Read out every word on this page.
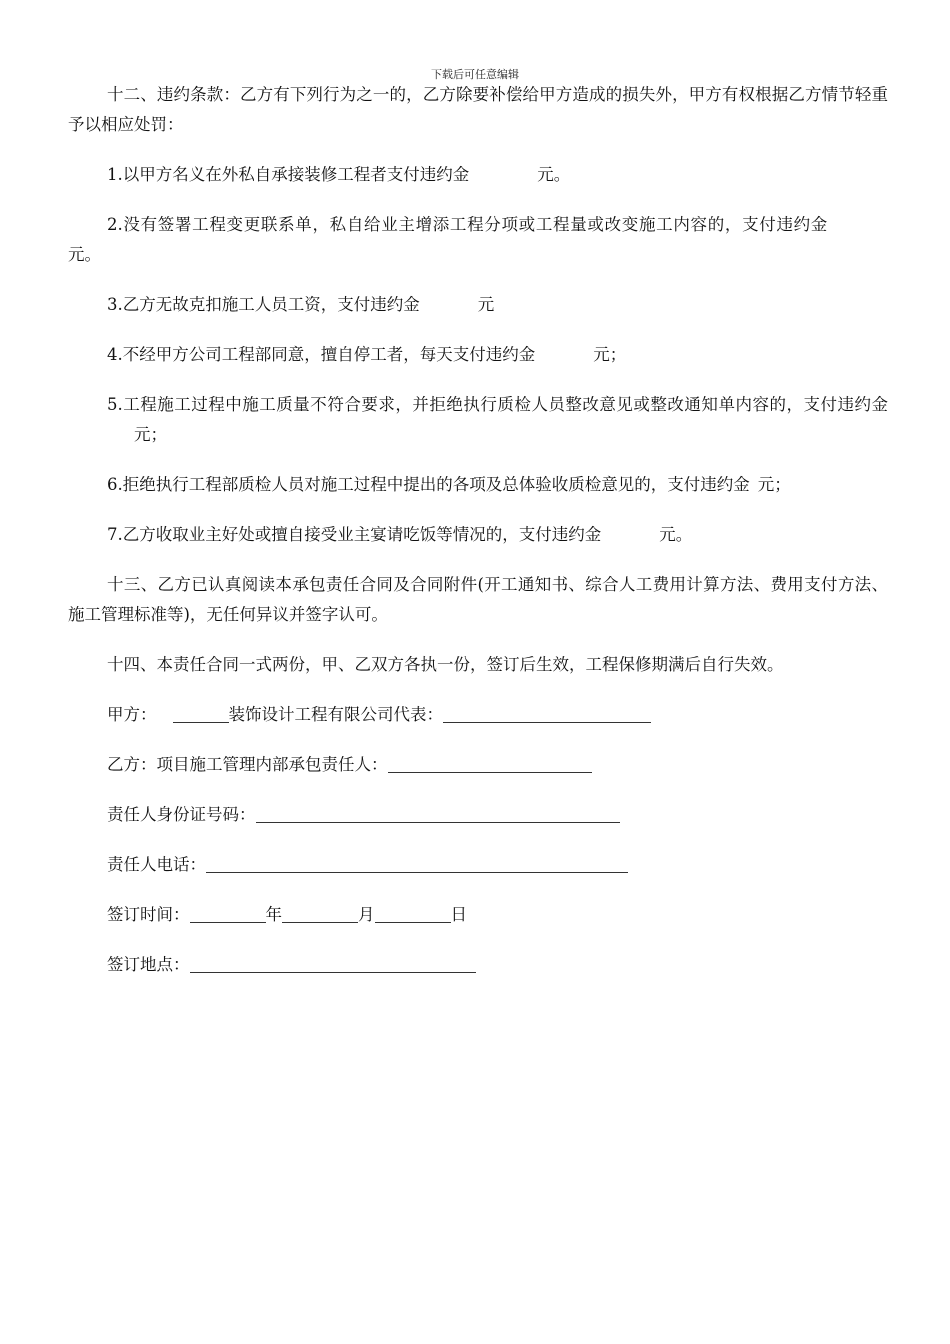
下载后可任意编辑

十二、违约条款：乙方有下列行为之一的，乙方除要补偿给甲方造成的损失外，甲方有权根据乙方情节轻重予以相应处罚：

1.以甲方名义在外私自承接装修工程者支付违约金	元。

2.没有签署工程变更联系单，私自给业主增添工程分项或工程量或改变施工内容的，支付违约金元。

3.乙方无故克扣施工人员工资，支付违约金	元

4.不经甲方公司工程部同意，擅自停工者，每天支付违约金	元；

5.工程施工过程中施工质量不符合要求，并拒绝执行质检人员整改意见或整改通知单内容的，支付违约金元；

6.拒绝执行工程部质检人员对施工过程中提出的各项及总体验收质检意见的，支付违约金 元；

7.乙方收取业主好处或擅自接受业主宴请吃饭等情况的，支付违约金	元。

十三、乙方已认真阅读本承包责任合同及合同附件(开工通知书、综合人工费用计算方法、费用支付方法、施工管理标准等)，无任何异议并签字认可。

十四、本责任合同一式两份，甲、乙双方各执一份，签订后生效，工程保修期满后自行失效。

甲方：	装饰设计工程有限公司代表：
乙方：项目施工管理内部承包责任人：
责任人身份证号码：
责任人电话：
签订时间：	年	月	日
签订地点：
